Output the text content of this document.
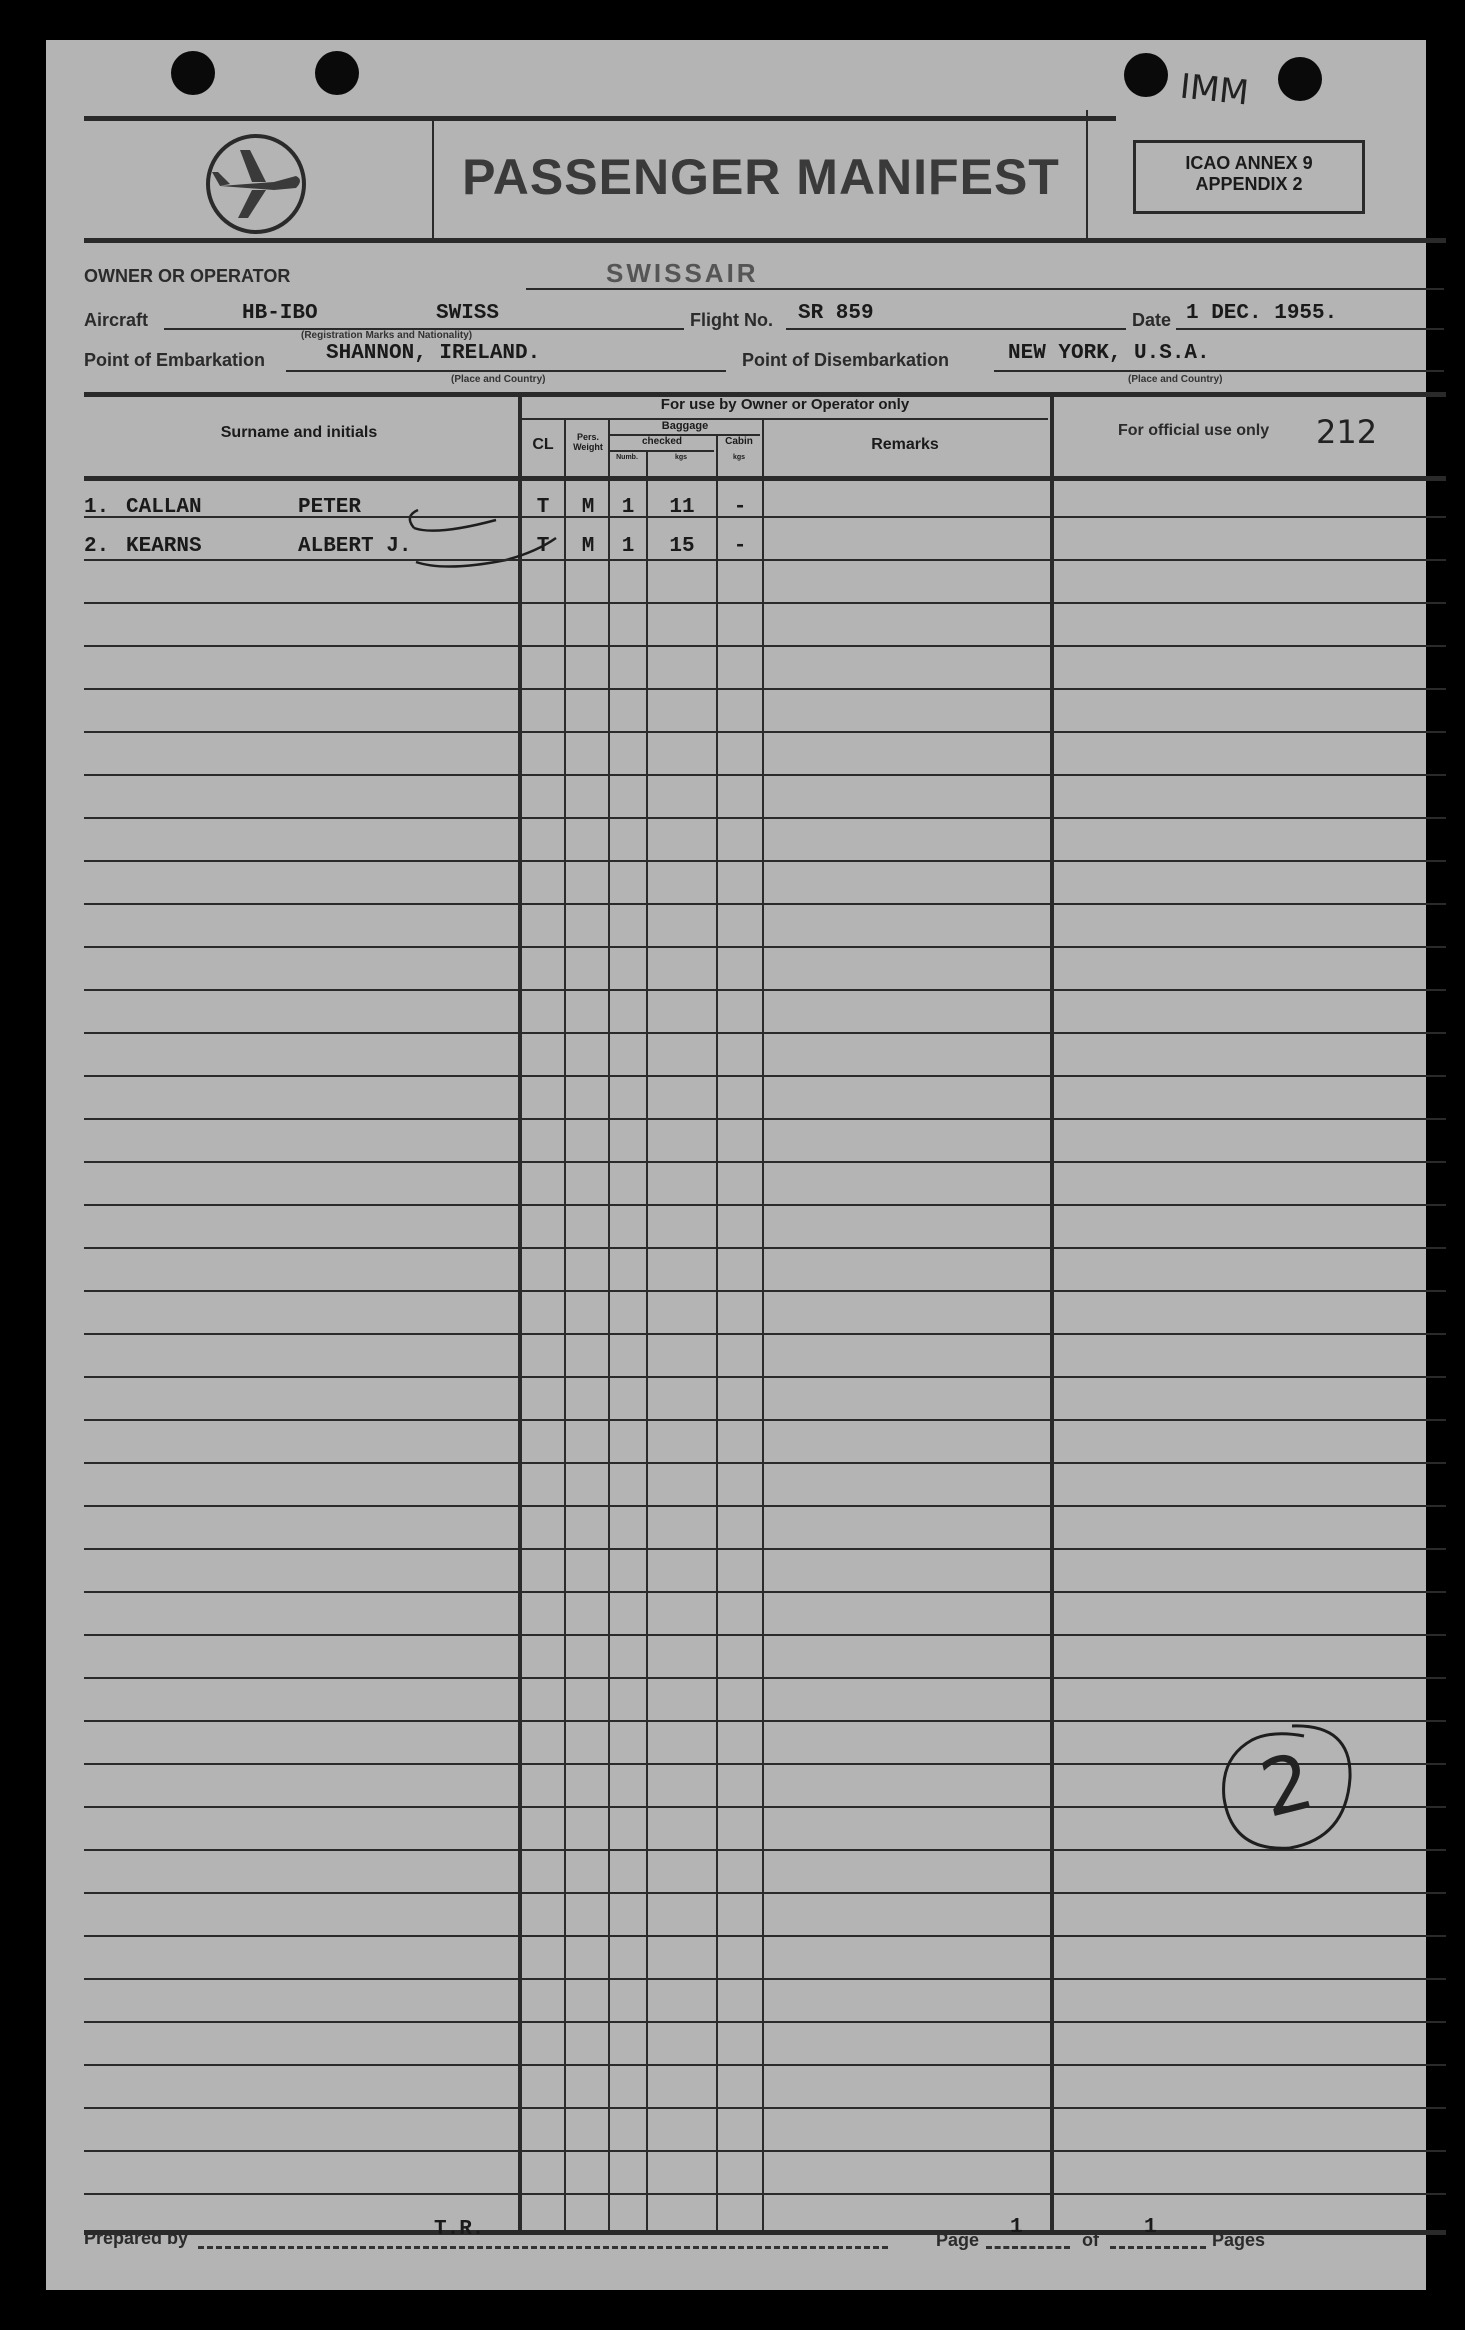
IMM
PASSENGER MANIFEST	ICAO ANNEX 9
APPENDIX 2
OWNER OR OPERATOR	SWISSAIR
Aircraft	HB-IBO	SWISS
(Registration Marks and Nationality)
Flight No. SR 859	Date 1 DEC. 1955.
Point of Embarkation	SHANNON, IRELAND.
(Place and Country)
Point of Disembarkation	NEW YORK, U.S.A.
(Place and Country)
For use by Owner or Operator only
Surname and initials
CL	Pers. Weight
Baggage
checked	Cabin
Numb.	kgs	kgs
Remarks
For official use only 212
1. CALLAN	PETER	T	M	1	11	-
2. KEARNS	ALBERT J.	T	M	1	15	-
2
Prepared by	T.R.	Page
1
of
1
Pages
